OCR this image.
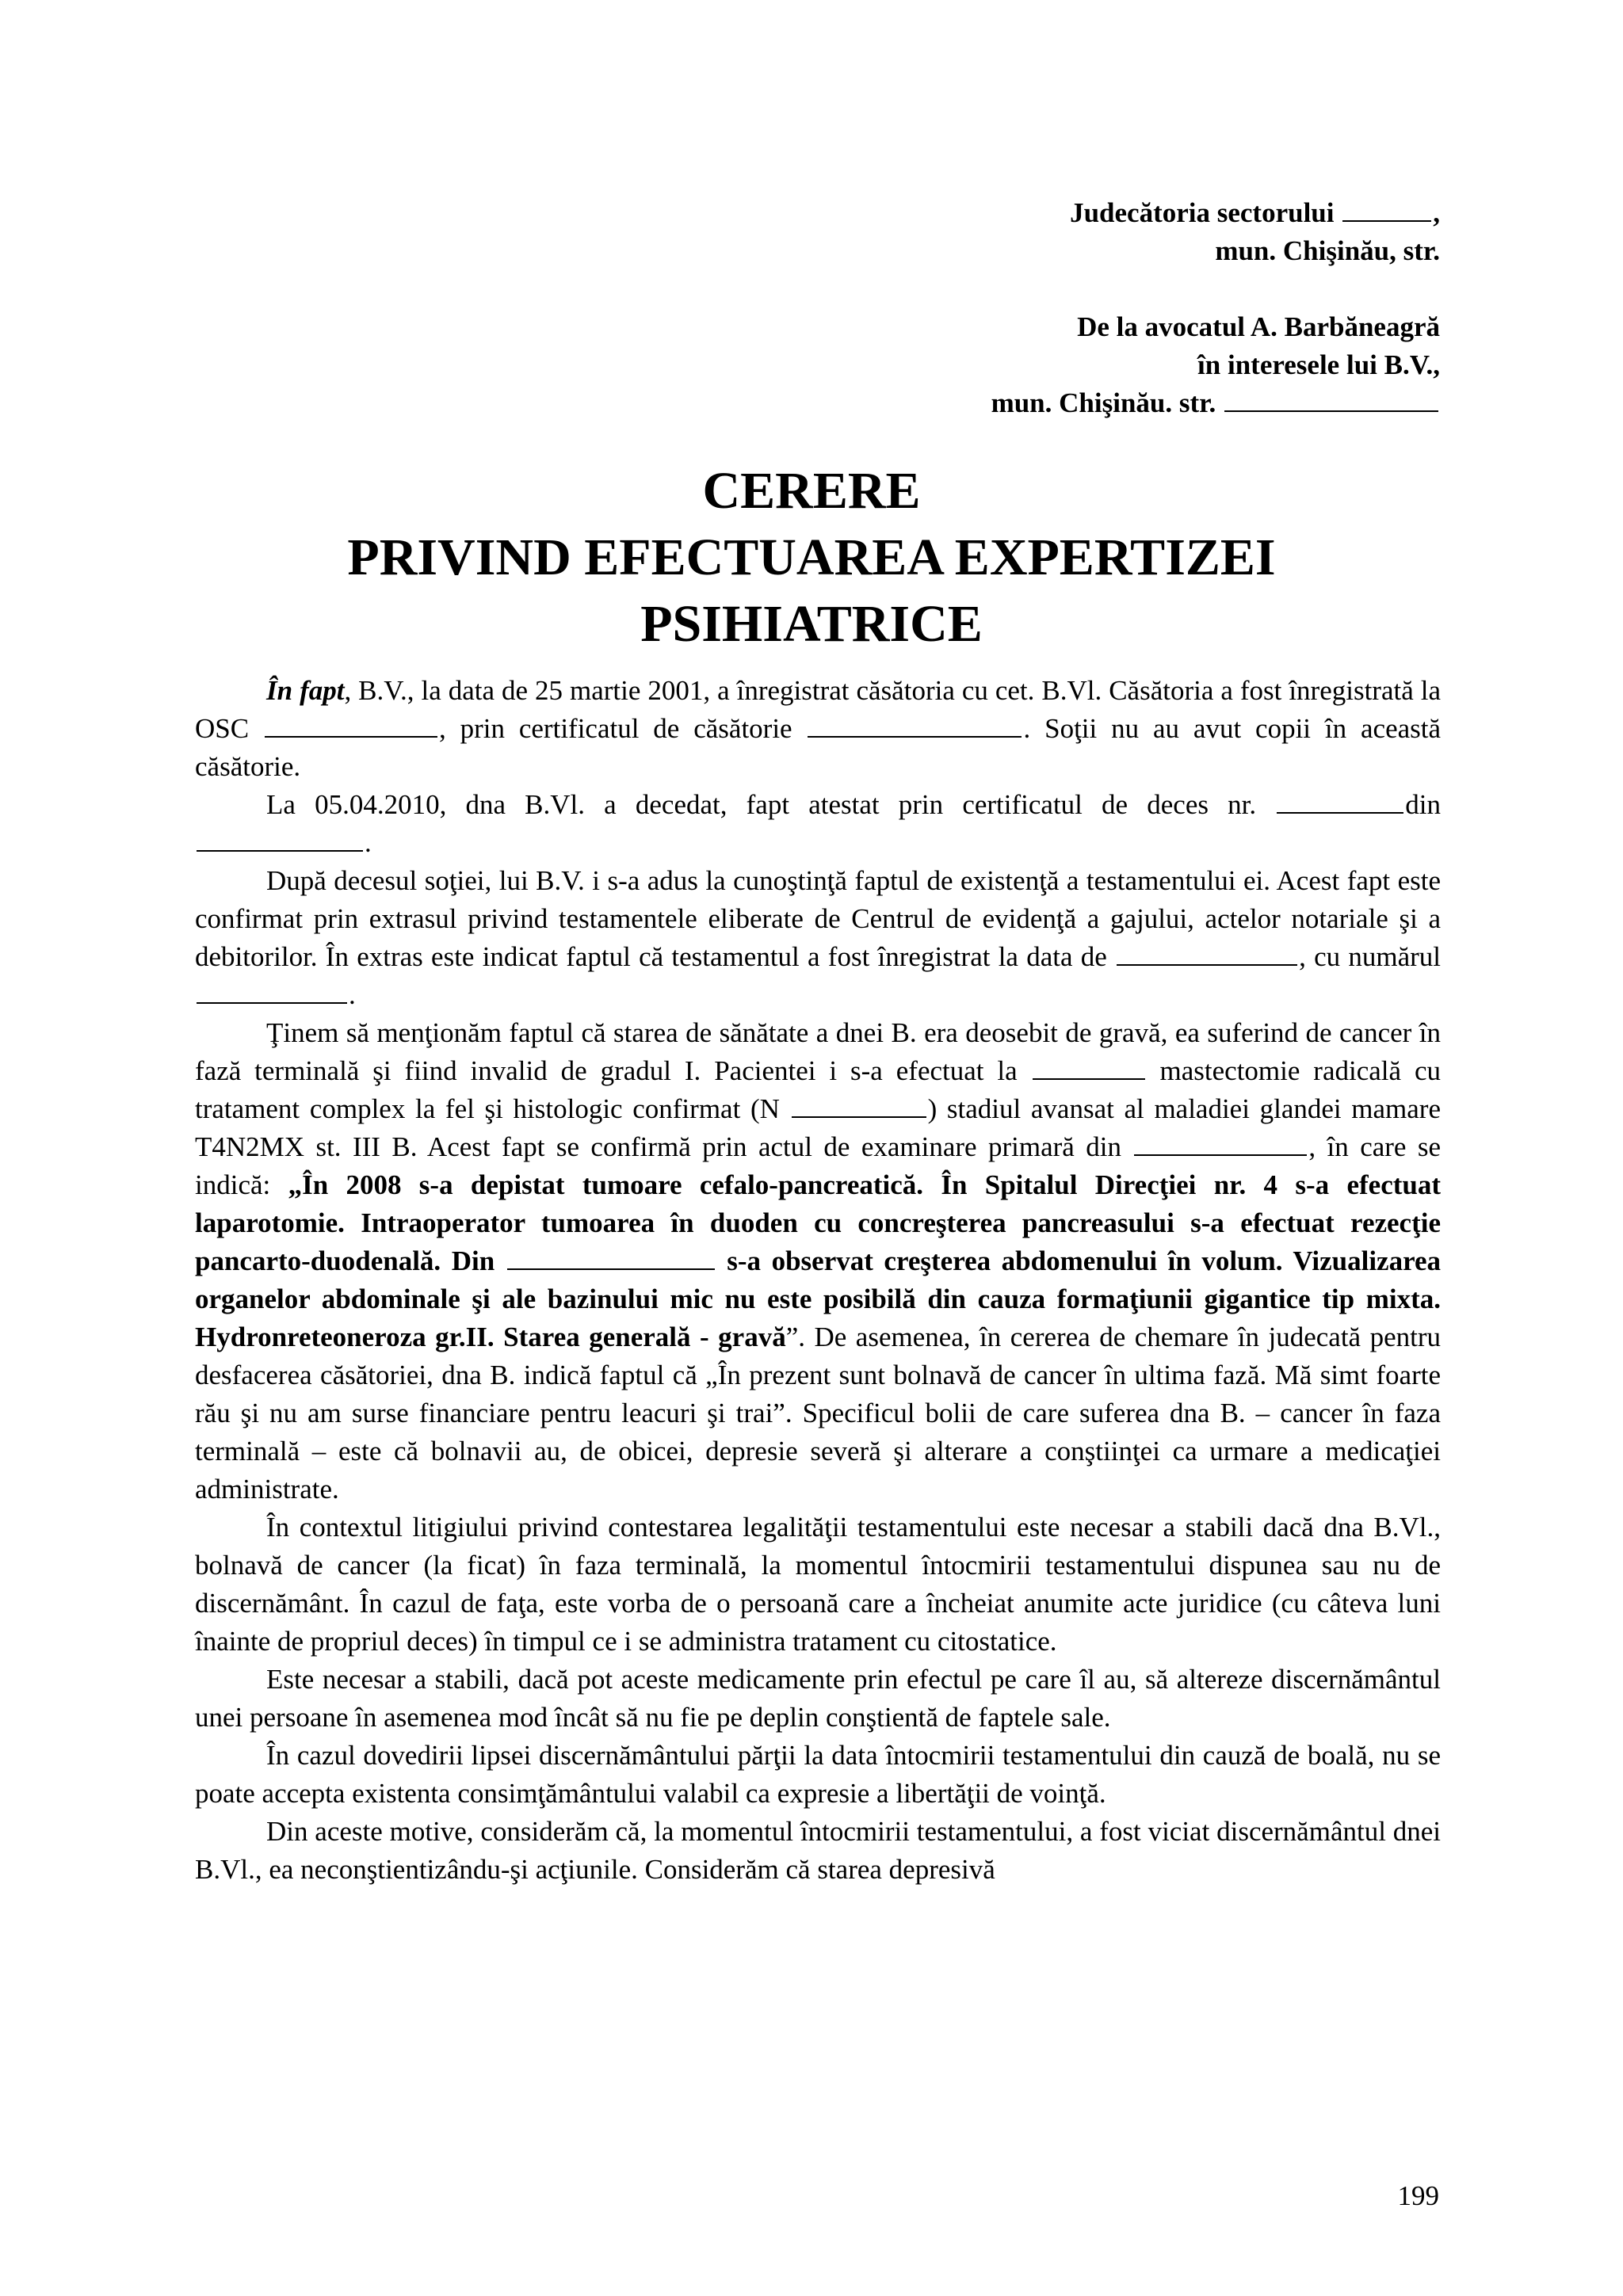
Judecătoria sectorului	,

mun. Chişinău, str.

De la avocatul A. Barbăneagră

în interesele lui B.V.,

mun. Chişinău. str.

CERERE
PRIVIND EFECTUAREA EXPERTIZEI
PSIHIATRICE

În fapt, B.V., la data de 25 martie 2001, a înregistrat căsătoria cu cet. B.Vl. Căsătoria a fost înregistrată la OSC	, prin certificatul de căsătorie	. Soţii nu au avut copii în această căsătorie.

La 05.04.2010, dna B.Vl. a decedat, fapt atestat prin certificatul de deces nr.	din .

După decesul soţiei, lui B.V. i s-a adus la cunoştinţă faptul de existenţă a testamentului ei. Acest fapt este confirmat prin extrasul privind testamentele eliberate de Centrul de evidenţă a gajului, actelor notariale şi a debitorilor. În extras este indicat faptul că testamentul a fost înregistrat la data de	, cu numărul .

Ţinem să menţionăm faptul că starea de sănătate a dnei B. era deosebit de gravă, ea suferind de cancer în fază terminală şi fiind invalid de gradul I. Pacientei i s-a efectuat la	mastectomie radicală cu tratament complex la fel şi histologic confirmat (N	) stadiul avansat al maladiei glandei mamare T4N2MX st. III B. Acest fapt se confirmă prin actul de examinare primară din	, în care se indică: „În 2008 s-a depistat tumoare cefalo-pancreatică. În Spitalul Direcţiei nr. 4 s-a efectuat laparotomie. Intraoperator tumoarea în duoden cu concreşterea pancreasului s-a efectuat rezecţie pancarto-duodenală. Din	s-a observat creşterea abdomenului în volum. Vizualizarea organelor abdominale şi ale bazinului mic nu este posibilă din cauza formaţiunii gigantice tip mixta. Hydronreteoneroza gr.II. Starea generală - gravă”. De asemenea, în cererea de chemare în judecată pentru desfacerea căsătoriei, dna B. indică faptul că „În prezent sunt bolnavă de cancer în ultima fază. Mă simt foarte rău şi nu am surse financiare pentru leacuri şi trai”. Specificul bolii de care suferea dna B. – cancer în faza terminală – este că bolnavii au, de obicei, depresie severă şi alterare a conştiinţei ca urmare a medicaţiei administrate.

În contextul litigiului privind contestarea legalităţii testamentului este necesar a stabili dacă dna B.Vl., bolnavă de cancer (la ficat) în faza terminală, la momentul întocmirii testamentului dispunea sau nu de discernământ. În cazul de faţa, este vorba de o persoană care a încheiat anumite acte juridice (cu câteva luni înainte de propriul deces) în timpul ce i se administra tratament cu citostatice.

Este necesar a stabili, dacă pot aceste medicamente prin efectul pe care îl au, să altereze discernământul unei persoane în asemenea mod încât să nu fie pe deplin conştientă de faptele sale.

În cazul dovedirii lipsei discernământului părţii la data întocmirii testamentului din cauză de boală, nu se poate accepta existenta consimţământului valabil ca expresie a libertăţii de voinţă.

Din aceste motive, considerăm că, la momentul întocmirii testamentului, a fost viciat discernământul dnei B.Vl., ea neconştientizându-şi acţiunile. Considerăm că starea depresivă

199
